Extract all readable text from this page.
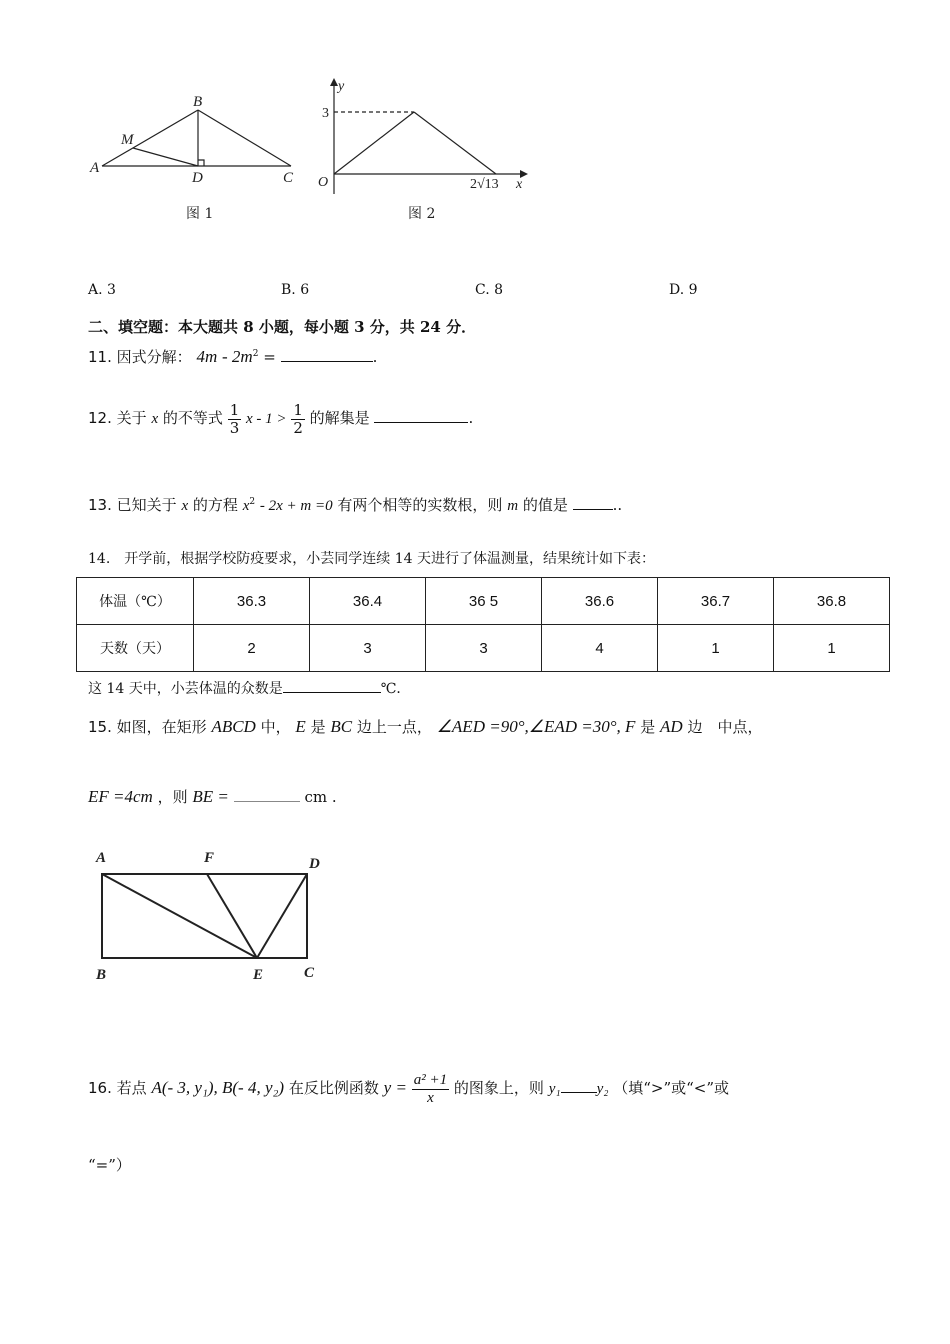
A
B
C
D
M
图 1
y
x
O
3
2√13
图 2
A. 3	B. 6	C. 8	D. 9
二、填空题：本大题共 8 小题，每小题 3 分，共 24 分．
11. 因式分解： $4m - 2m^2$ =	.
12. 关于 x 的不等式 $\frac{1}{3}$ $x - 1 > \frac{1}{2}$ 的解集是	.
13. 已知关于 x 的方程 $x^2 - 2x + m =0$ 有两个相等的实数根，则 m 的值是	..
14.　开学前，根据学校防疫要求，小芸同学连续 14 天进行了体温测量，结果统计如下表：
体温（℃）	36.3	36.4	36 5	36.6	36.7	36.8
天数（天）	2	3	3	4	1	1
这 14 天中，小芸体温的众数是	℃．
15. 如图，在矩形 ABCD 中， E 是 BC 边上一点， ∠AED =90°,∠EAD =30°, F 是 AD 边　中点，
EF =4cm ，则 BE =	cm .
A	F	D
B	E	C
16. 若点 A(- 3, y₁), B(- 4, y₂) 在反比例函数 $y = \frac{\text{a² +1}}{x}$ 的图象上，则 y₁ y₂ （填“>”或“<”或
“=”）
